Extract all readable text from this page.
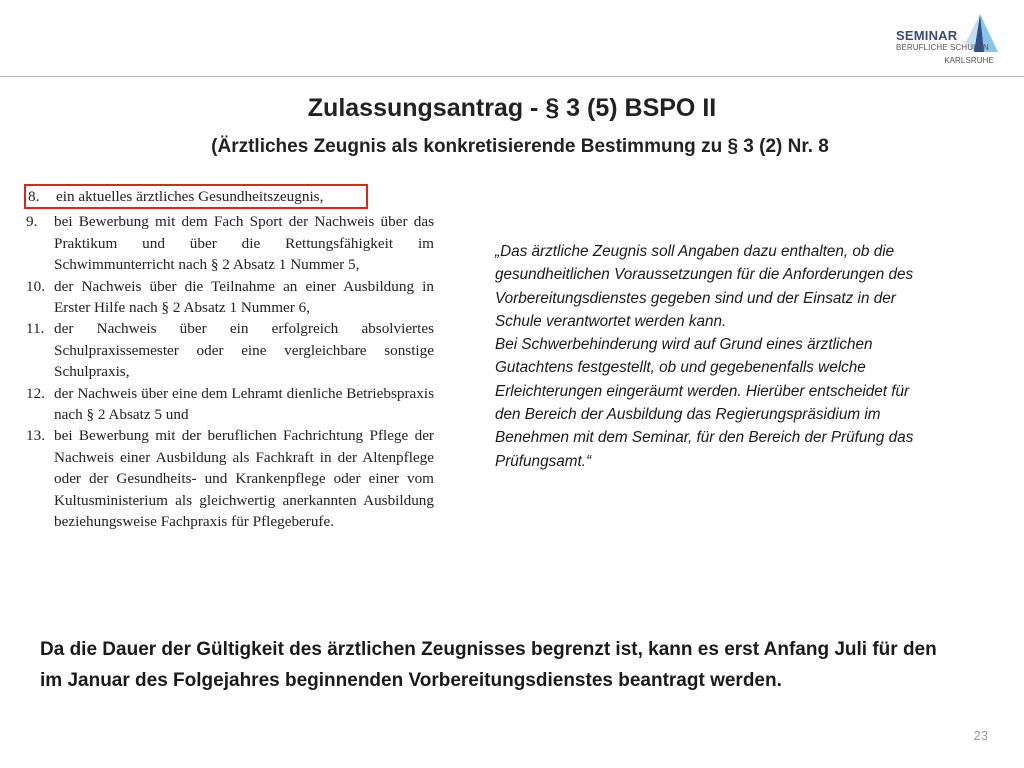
SEMINAR
BERUFLICHE SCHULEN
KARLSRUHE
Zulassungsantrag - § 3 (5) BSPO II
(Ärztliches Zeugnis als konkretisierende Bestimmung zu § 3 (2) Nr. 8
8.	ein aktuelles ärztliches Gesundheitszeugnis,
9.	bei Bewerbung mit dem Fach Sport der Nachweis über das Praktikum und über die Rettungsfähigkeit im Schwimmunterricht nach § 2 Absatz 1 Nummer 5,
10. der Nachweis über die Teilnahme an einer Ausbildung in Erster Hilfe nach § 2 Absatz 1 Nummer 6,
11. der Nachweis über ein erfolgreich absolviertes Schulpraxissemester oder eine vergleichbare sonstige Schulpraxis,
12. der Nachweis über eine dem Lehramt dienliche Betriebspraxis nach § 2 Absatz 5 und
13. bei Bewerbung mit der beruflichen Fachrichtung Pflege der Nachweis einer Ausbildung als Fachkraft in der Altenpflege oder der Gesundheits- und Krankenpflege oder einer vom Kultusministerium als gleichwertig anerkannten Ausbildung beziehungsweise Fachpraxis für Pflegeberufe.

„Das ärztliche Zeugnis soll Angaben dazu enthalten, ob die gesundheitlichen Voraussetzungen für die Anforderungen des Vorbereitungsdienstes gegeben sind und der Einsatz in der Schule verantwortet werden kann.

Bei Schwerbehinderung wird auf Grund eines ärztlichen Gutachtens festgestellt, ob und gegebenenfalls welche Erleichterungen eingeräumt werden. Hierüber entscheidet für den Bereich der Ausbildung das Regierungspräsidium im Benehmen mit dem Seminar, für den Bereich der Prüfung das Prüfungsamt.“

Da die Dauer der Gültigkeit des ärztlichen Zeugnisses begrenzt ist, kann es erst Anfang Juli für den im Januar des Folgejahres beginnenden Vorbereitungsdienstes beantragt werden.
23
